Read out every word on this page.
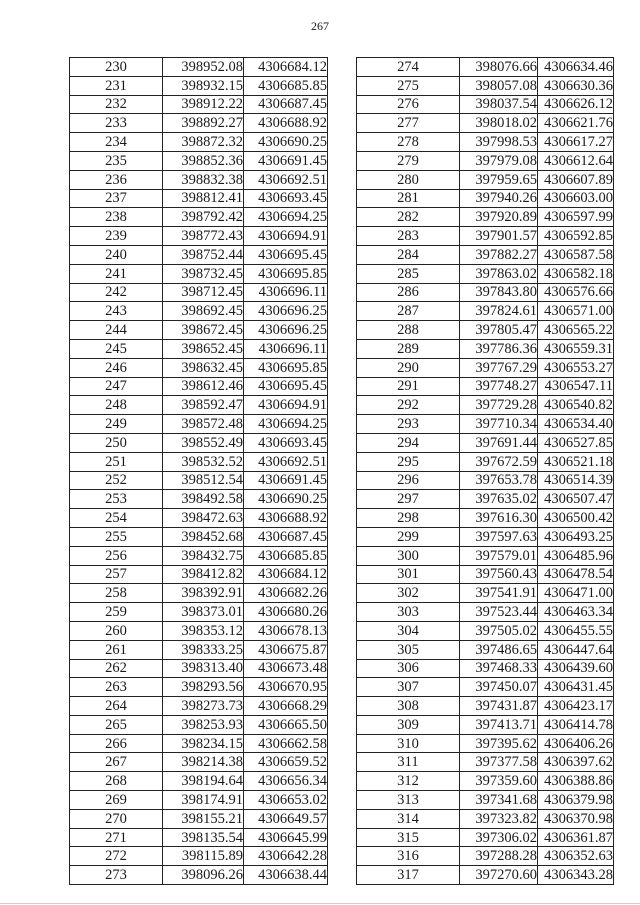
267
230	398952.08	4306684.12
231	398932.15	4306685.85
232	398912.22	4306687.45
233	398892.27	4306688.92
234	398872.32	4306690.25
235	398852.36	4306691.45
236	398832.38	4306692.51
237	398812.41	4306693.45
238	398792.42	4306694.25
239	398772.43	4306694.91
240	398752.44	4306695.45
241	398732.45	4306695.85
242	398712.45	4306696.11
243	398692.45	4306696.25
244	398672.45	4306696.25
245	398652.45	4306696.11
246	398632.45	4306695.85
247	398612.46	4306695.45
248	398592.47	4306694.91
249	398572.48	4306694.25
250	398552.49	4306693.45
251	398532.52	4306692.51
252	398512.54	4306691.45
253	398492.58	4306690.25
254	398472.63	4306688.92
255	398452.68	4306687.45
256	398432.75	4306685.85
257	398412.82	4306684.12
258	398392.91	4306682.26
259	398373.01	4306680.26
260	398353.12	4306678.13
261	398333.25	4306675.87
262	398313.40	4306673.48
263	398293.56	4306670.95
264	398273.73	4306668.29
265	398253.93	4306665.50
266	398234.15	4306662.58
267	398214.38	4306659.52
268	398194.64	4306656.34
269	398174.91	4306653.02
270	398155.21	4306649.57
271	398135.54	4306645.99
272	398115.89	4306642.28
273	398096.26	4306638.44
274	398076.66	4306634.46
275	398057.08	4306630.36
276	398037.54	4306626.12
277	398018.02	4306621.76
278	397998.53	4306617.27
279	397979.08	4306612.64
280	397959.65	4306607.89
281	397940.26	4306603.00
282	397920.89	4306597.99
283	397901.57	4306592.85
284	397882.27	4306587.58
285	397863.02	4306582.18
286	397843.80	4306576.66
287	397824.61	4306571.00
288	397805.47	4306565.22
289	397786.36	4306559.31
290	397767.29	4306553.27
291	397748.27	4306547.11
292	397729.28	4306540.82
293	397710.34	4306534.40
294	397691.44	4306527.85
295	397672.59	4306521.18
296	397653.78	4306514.39
297	397635.02	4306507.47
298	397616.30	4306500.42
299	397597.63	4306493.25
300	397579.01	4306485.96
301	397560.43	4306478.54
302	397541.91	4306471.00
303	397523.44	4306463.34
304	397505.02	4306455.55
305	397486.65	4306447.64
306	397468.33	4306439.60
307	397450.07	4306431.45
308	397431.87	4306423.17
309	397413.71	4306414.78
310	397395.62	4306406.26
311	397377.58	4306397.62
312	397359.60	4306388.86
313	397341.68	4306379.98
314	397323.82	4306370.98
315	397306.02	4306361.87
316	397288.28	4306352.63
317	397270.60	4306343.28
